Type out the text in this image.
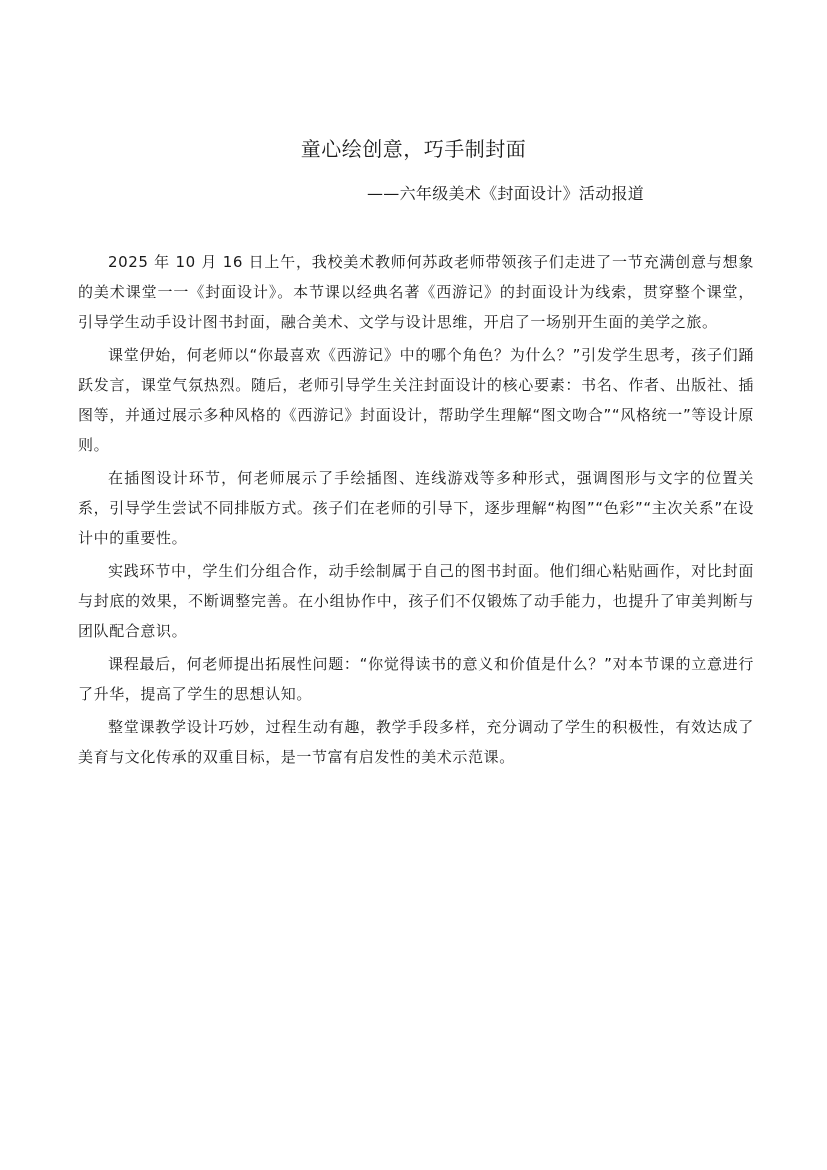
童心绘创意，巧手制封面
——六年级美术《封面设计》活动报道

2025 年 10 月 16 日上午，我校美术教师何苏政老师带领孩子们走进了一节充满创意与想象的美术课堂一一《封面设计》。本节课以经典名著《西游记》的封面设计为线索，贯穿整个课堂，引导学生动手设计图书封面，融合美术、文学与设计思维，开启了一场别开生面的美学之旅。

课堂伊始，何老师以“你最喜欢《西游记》中的哪个角色？为什么？”引发学生思考，孩子们踊跃发言，课堂气氛热烈。随后，老师引导学生关注封面设计的核心要素：书名、作者、出版社、插图等，并通过展示多种风格的《西游记》封面设计，帮助学生理解“图文吻合”“风格统一”等设计原则。

在插图设计环节，何老师展示了手绘插图、连线游戏等多种形式，强调图形与文字的位置关系，引导学生尝试不同排版方式。孩子们在老师的引导下，逐步理解“构图”“色彩”“主次关系”在设计中的重要性。

实践环节中，学生们分组合作，动手绘制属于自己的图书封面。他们细心粘贴画作，对比封面与封底的效果，不断调整完善。在小组协作中，孩子们不仅锻炼了动手能力，也提升了审美判断与团队配合意识。

课程最后，何老师提出拓展性问题：“你觉得读书的意义和价值是什么？”对本节课的立意进行了升华，提高了学生的思想认知。

整堂课教学设计巧妙，过程生动有趣，教学手段多样，充分调动了学生的积极性，有效达成了美育与文化传承的双重目标，是一节富有启发性的美术示范课。
